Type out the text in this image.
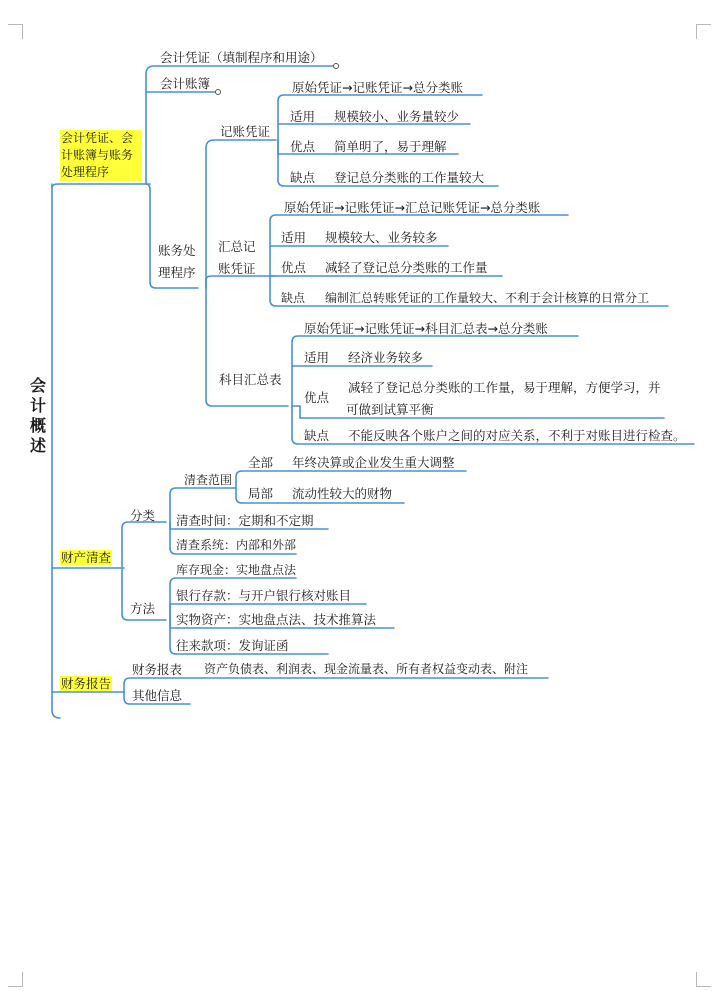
会计概述
会计凭证、会计账簿与账务处理程序
会计凭证（填制程序和用途）
会计账簿
账务处理程序
记账凭证
原始凭证→记账凭证→总分类账
适用 规模较小、业务量较少
优点 简单明了，易于理解
缺点 登记总分类账的工作量较大
汇总记账凭证
原始凭证→记账凭证→汇总记账凭证→总分类账
适用 规模较大、业务较多
优点 减轻了登记总分类账的工作量
缺点 编制汇总转账凭证的工作量较大、不利于会计核算的日常分工
科目汇总表
原始凭证→记账凭证→科目汇总表→总分类账
适用 经济业务较多
优点
减轻了登记总分类账的工作量，易于理解，方便学习，并
可做到试算平衡
缺点 不能反映各个账户之间的对应关系，不利于对账目进行检查。
财产清查
分类
清查范围
全部 年终决算或企业发生重大调整
局部 流动性较大的财物
清查时间：定期和不定期
清查系统：内部和外部
方法
库存现金：实地盘点法
银行存款：与开户银行核对账目
实物资产：实地盘点法、技术推算法
往来款项：发询证函
财务报告
财务报表 资产负债表、利润表、现金流量表、所有者权益变动表、附注
其他信息
